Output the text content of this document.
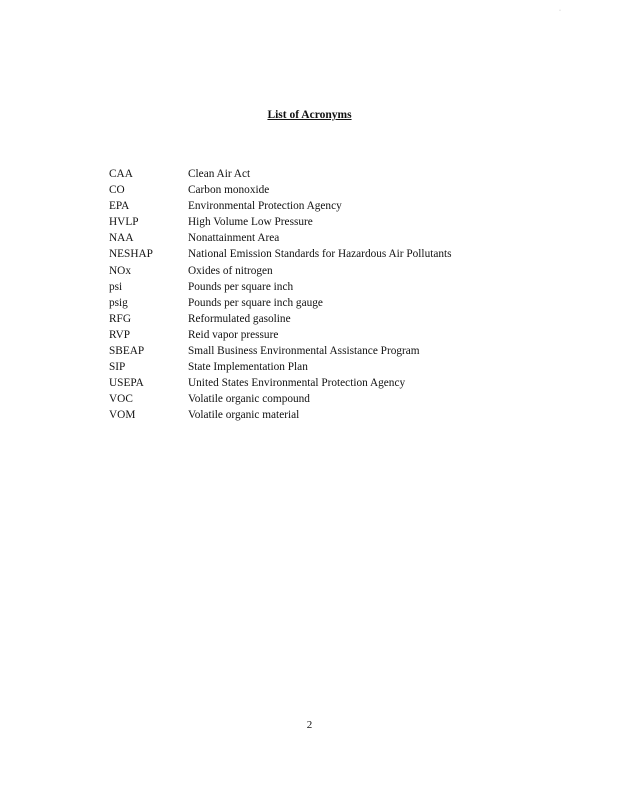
·
List of Acronyms
CAA	Clean Air Act
CO	Carbon monoxide
EPA	Environmental Protection Agency
HVLP	High Volume Low Pressure
NAA	Nonattainment Area
NESHAP	National Emission Standards for Hazardous Air Pollutants
NOx	Oxides of nitrogen
psi	Pounds per square inch
psig	Pounds per square inch gauge
RFG	Reformulated gasoline
RVP	Reid vapor pressure
SBEAP	Small Business Environmental Assistance Program
SIP	State Implementation Plan
USEPA	United States Environmental Protection Agency
VOC	Volatile organic compound
VOM	Volatile organic material
2
